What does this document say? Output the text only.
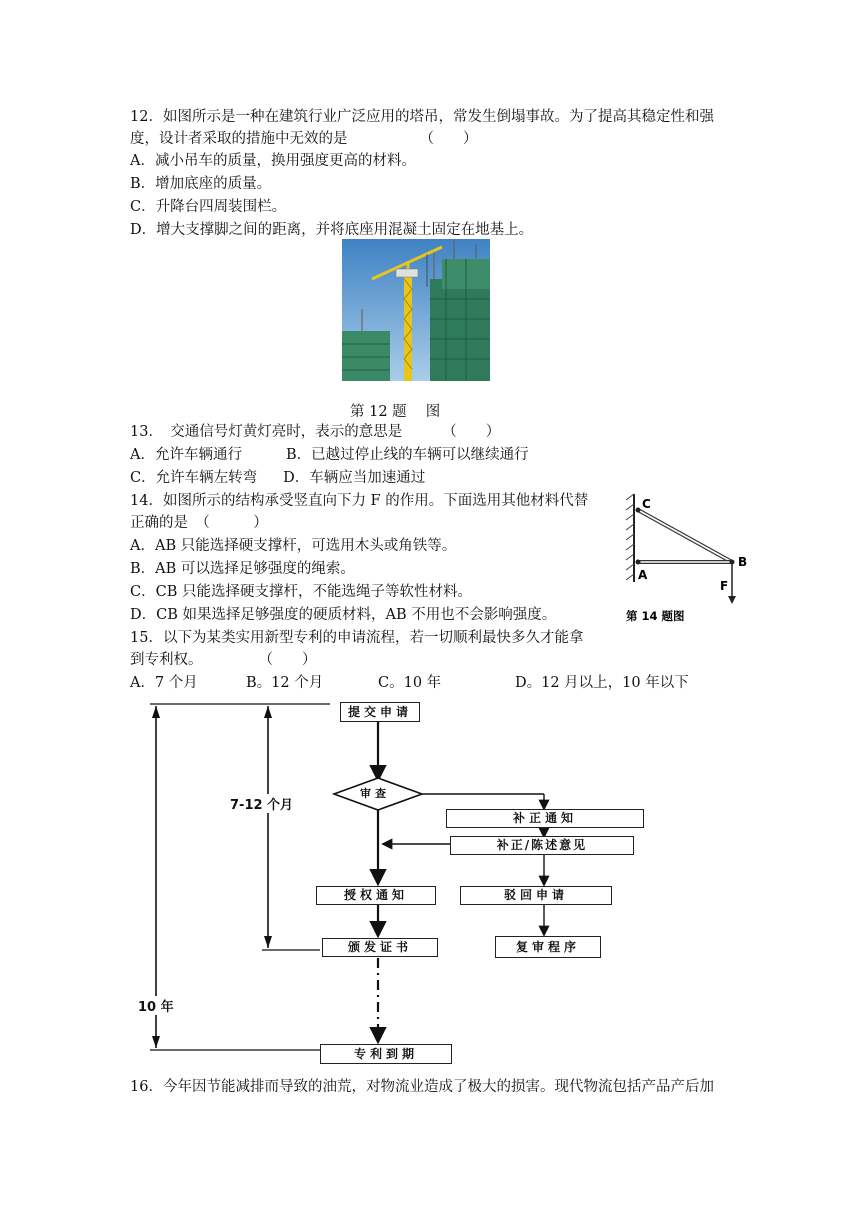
12．如图所示是一种在建筑行业广泛应用的塔吊，常发生倒塌事故。为了提高其稳定性和强
度，设计者采取的措施中无效的是	（　　）
A．减小吊车的质量，换用强度更高的材料。
B．增加底座的质量。
C．升降台四周装围栏。
D．增大支撑脚之间的距离，并将底座用混凝土固定在地基上。
第 12 题　 图
13．　交通信号灯黄灯亮时，表示的意思是	（　　）
A．允许车辆通行	B．已越过停止线的车辆可以继续通行
C．允许车辆左转弯 D．车辆应当加速通过
14．如图所示的结构承受竖直向下力 F 的作用。下面选用其他材料代替
正确的是　（　　　）
A．AB 只能选择硬支撑杆，可选用木头或角铁等。
B．AB 可以选择足够强度的绳索。
C．CB 只能选择硬支撑杆，不能选绳子等软性材料。
D．CB 如果选择足够强度的硬质材料，AB 不用也不会影响强度。
C
B
A
F
第 14 题图
15．以下为某类实用新型专利的申请流程，若一切顺利最快多久才能拿
到专利权。	（　　）
A．7 个月	B。12 个月	C。10 年	D。12 月以上，10 年以下
提交申请
审查
补正通知
补正/陈述意见
授权通知	驳回申请
颁发证书	复审程序
专利到期
7-12 个月
10 年
16．今年因节能减排而导致的油荒，对物流业造成了极大的损害。现代物流包括产品产后加
